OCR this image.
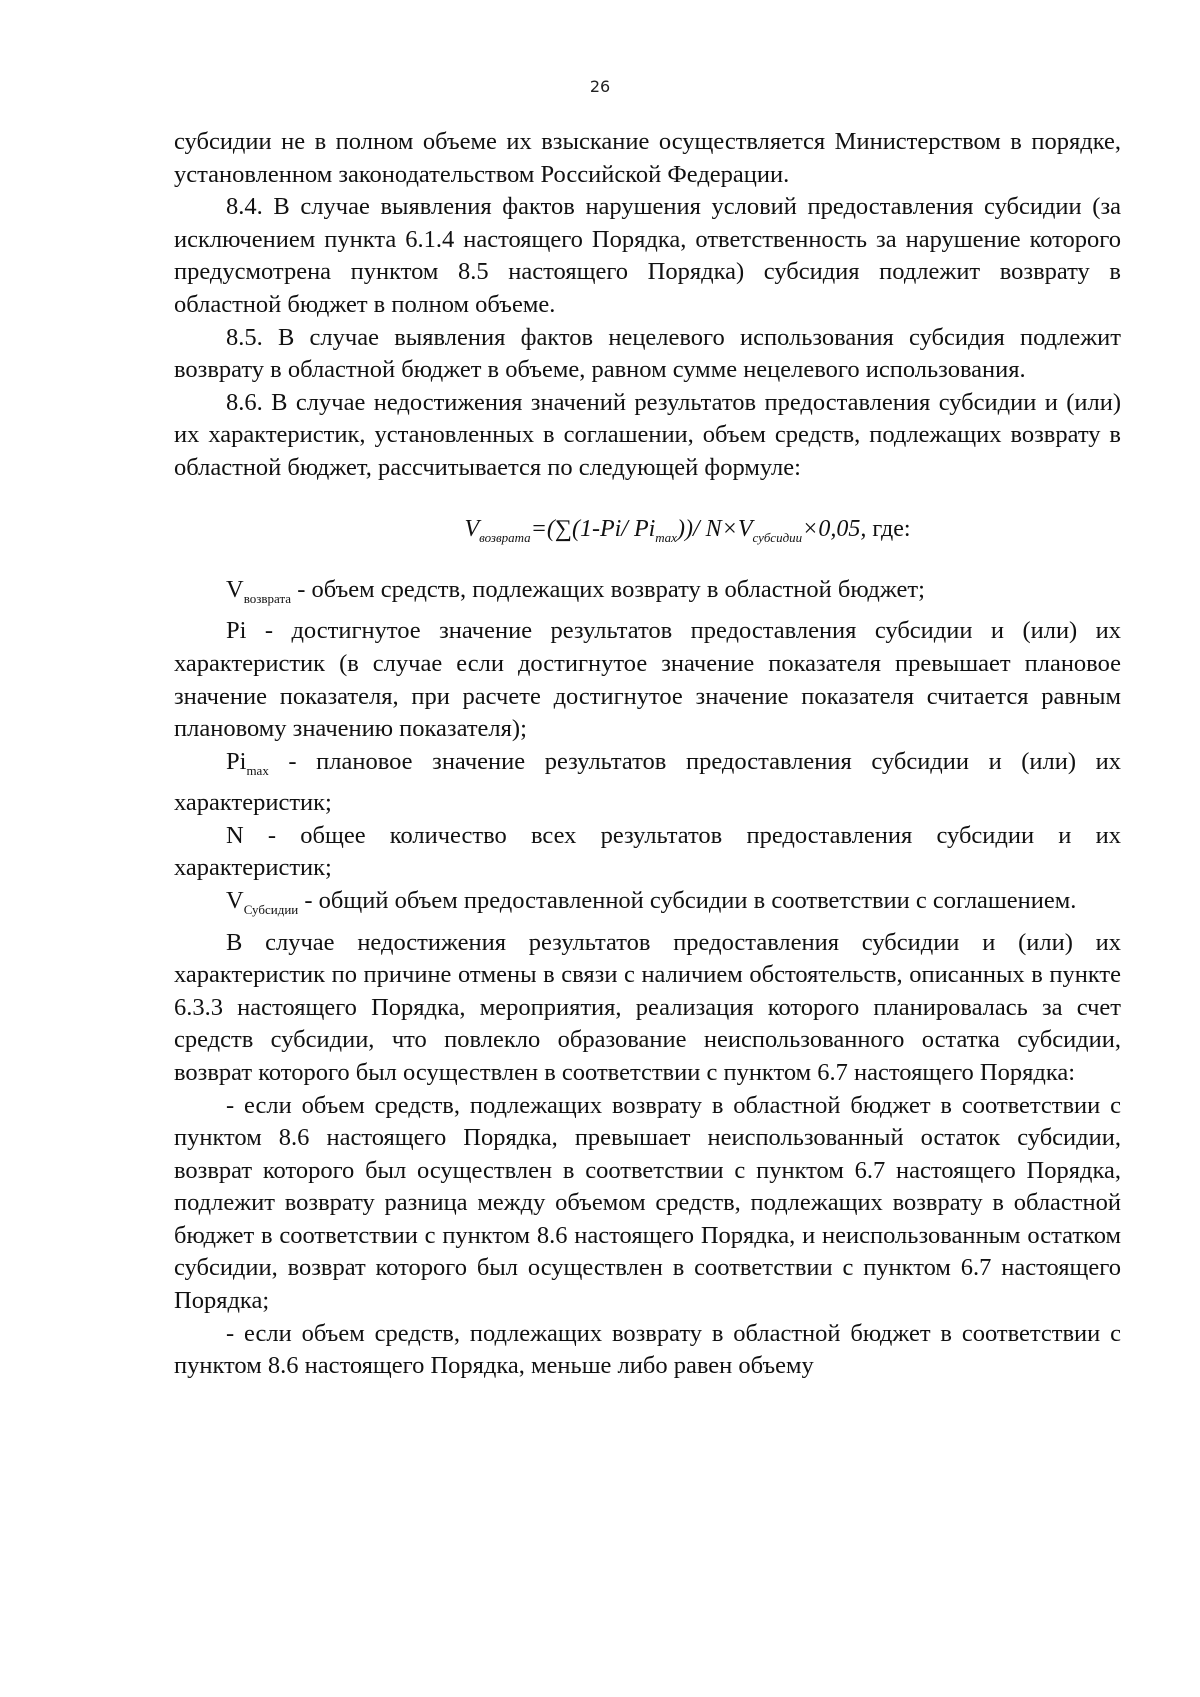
26

субсидии не в полном объеме их взыскание осуществляется Министерством в порядке, установленном законодательством Российской Федерации.

8.4. В случае выявления фактов нарушения условий предоставления субсидии (за исключением пункта 6.1.4 настоящего Порядка, ответственность за нарушение которого предусмотрена пунктом 8.5 настоящего Порядка) субсидия подлежит возврату в областной бюджет в полном объеме.

8.5. В случае выявления фактов нецелевого использования субсидия подлежит возврату в областной бюджет в объеме, равном сумме нецелевого использования.

8.6. В случае недостижения значений результатов предоставления субсидии и (или) их характеристик, установленных в соглашении, объем средств, подлежащих возврату в областной бюджет, рассчитывается по следующей формуле:

$V_{возврата}=(\sum(1-Pi/$ $Pi_{max}))/$ $N\times V_{субсидии}\times 0,05$, где:

$V_{возврата}$ - объем средств, подлежащих возврату в областной бюджет;

Pi - достигнутое значение результатов предоставления субсидии и (или) их характеристик (в случае если достигнутое значение показателя превышает плановое значение показателя, при расчете достигнутое значение показателя считается равным плановому значению показателя);

$Pi_{max}$ - плановое значение результатов предоставления субсидии и (или) их характеристик;

N - общее количество всех результатов предоставления субсидии и их характеристик;

$V_{Субсидии}$ - общий объем предоставленной субсидии в соответствии с соглашением.

В случае недостижения результатов предоставления субсидии и (или) их характеристик по причине отмены в связи с наличием обстоятельств, описанных в пункте 6.3.3 настоящего Порядка, мероприятия, реализация которого планировалась за счет средств субсидии, что повлекло образование неиспользованного остатка субсидии, возврат которого был осуществлен в соответствии с пунктом 6.7 настоящего Порядка:

- если объем средств, подлежащих возврату в областной бюджет в соответствии с пунктом 8.6 настоящего Порядка, превышает неиспользованный остаток субсидии, возврат которого был осуществлен в соответствии с пунктом 6.7 настоящего Порядка, подлежит возврату разница между объемом средств, подлежащих возврату в областной бюджет в соответствии с пунктом 8.6 настоящего Порядка, и неиспользованным остатком субсидии, возврат которого был осуществлен в соответствии с пунктом 6.7 настоящего Порядка;

- если объем средств, подлежащих возврату в областной бюджет в соответствии с пунктом 8.6 настоящего Порядка, меньше либо равен объему
